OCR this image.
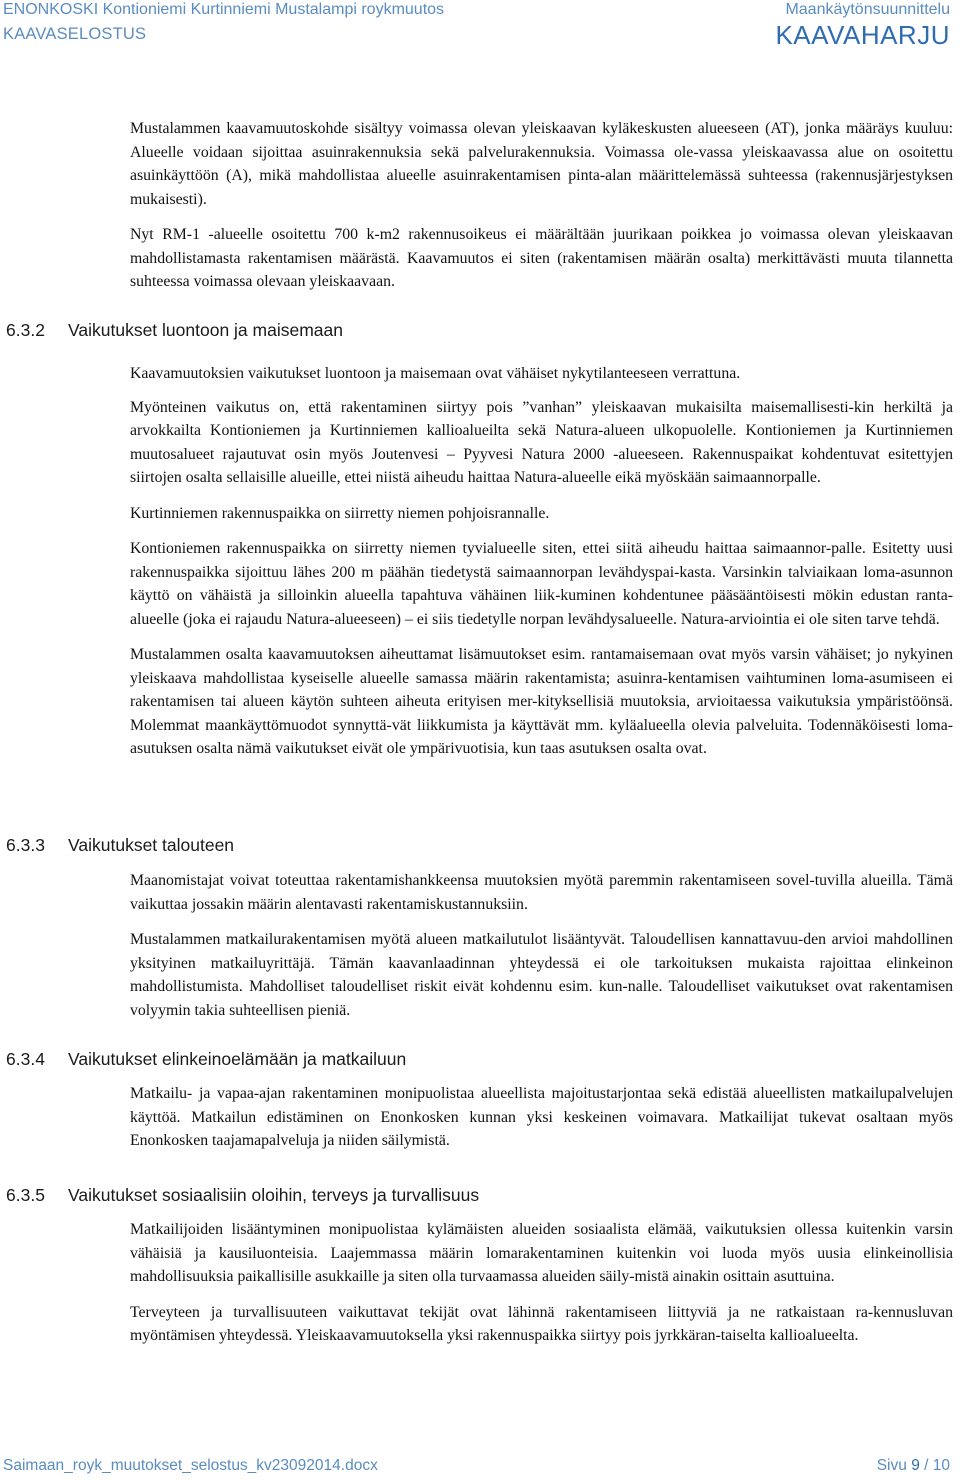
ENONKOSKI Kontioniemi Kurtinniemi Mustalampi roykmuutos
KAAVASELOSTUS
Maankäytönsuunnittelu
KAAVAHARJU

Mustalammen kaavamuutoskohde sisältyy voimassa olevan yleiskaavan kyläkeskusten alueeseen (AT), jonka määräys kuuluu: Alueelle voidaan sijoittaa asuinrakennuksia sekä palvelurakennuksia. Voimassa ole-vassa yleiskaavassa alue on osoitettu asuinkäyttöön (A), mikä mahdollistaa alueelle asuinrakentamisen pinta-alan määrittelemässä suhteessa (rakennusjärjestyksen mukaisesti).

Nyt RM-1 -alueelle osoitettu 700 k-m2 rakennusoikeus ei määrältään juurikaan poikkea jo voimassa olevan yleiskaavan mahdollistamasta rakentamisen määrästä. Kaavamuutos ei siten (rakentamisen määrän osalta) merkittävästi muuta tilannetta suhteessa voimassa olevaan yleiskaavaan.

6.3.2 Vaikutukset luontoon ja maisemaan

Kaavamuutoksien vaikutukset luontoon ja maisemaan ovat vähäiset nykytilanteeseen verrattuna.

Myönteinen vaikutus on, että rakentaminen siirtyy pois ”vanhan” yleiskaavan mukaisilta maisemallisesti-kin herkiltä ja arvokkailta Kontioniemen ja Kurtinniemen kallioalueilta sekä Natura-alueen ulkopuolelle. Kontioniemen ja Kurtinniemen muutosalueet rajautuvat osin myös Joutenvesi – Pyyvesi Natura 2000 -alueeseen. Rakennuspaikat kohdentuvat esitettyjen siirtojen osalta sellaisille alueille, ettei niistä aiheudu haittaa Natura-alueelle eikä myöskään saimaannorpalle.

Kurtinniemen rakennuspaikka on siirretty niemen pohjoisrannalle.

Kontioniemen rakennuspaikka on siirretty niemen tyvialueelle siten, ettei siitä aiheudu haittaa saimaannor-palle. Esitetty uusi rakennuspaikka sijoittuu lähes 200 m päähän tiedetystä saimaannorpan levähdyspai-kasta. Varsinkin talviaikaan loma-asunnon käyttö on vähäistä ja silloinkin alueella tapahtuva vähäinen liik-kuminen kohdentunee pääsääntöisesti mökin edustan ranta-alueelle (joka ei rajaudu Natura-alueeseen) – ei siis tiedetylle norpan levähdysalueelle. Natura-arviointia ei ole siten tarve tehdä.

Mustalammen osalta kaavamuutoksen aiheuttamat lisämuutokset esim. rantamaisemaan ovat myös varsin vähäiset; jo nykyinen yleiskaava mahdollistaa kyseiselle alueelle samassa määrin rakentamista; asuinra-kentamisen vaihtuminen loma-asumiseen ei rakentamisen tai alueen käytön suhteen aiheuta erityisen mer-kityksellisiä muutoksia, arvioitaessa vaikutuksia ympäristöönsä. Molemmat maankäyttömuodot synnyttä-vät liikkumista ja käyttävät mm. kyläalueella olevia palveluita. Todennäköisesti loma-asutuksen osalta nämä vaikutukset eivät ole ympärivuotisia, kun taas asutuksen osalta ovat.

6.3.3 Vaikutukset talouteen

Maanomistajat voivat toteuttaa rakentamishankkeensa muutoksien myötä paremmin rakentamiseen sovel-tuvilla alueilla. Tämä vaikuttaa jossakin määrin alentavasti rakentamiskustannuksiin.

Mustalammen matkailurakentamisen myötä alueen matkailutulot lisääntyvät. Taloudellisen kannattavuu-den arvioi mahdollinen yksityinen matkailuyrittäjä. Tämän kaavanlaadinnan yhteydessä ei ole tarkoituksen mukaista rajoittaa elinkeinon mahdollistumista. Mahdolliset taloudelliset riskit eivät kohdennu esim. kun-nalle. Taloudelliset vaikutukset ovat rakentamisen volyymin takia suhteellisen pieniä.

6.3.4 Vaikutukset elinkeinoelämään ja matkailuun

Matkailu- ja vapaa-ajan rakentaminen monipuolistaa alueellista majoitustarjontaa sekä edistää alueellisten matkailupalvelujen käyttöä. Matkailun edistäminen on Enonkosken kunnan yksi keskeinen voimavara. Matkailijat tukevat osaltaan myös Enonkosken taajamapalveluja ja niiden säilymistä.

6.3.5 Vaikutukset sosiaalisiin oloihin, terveys ja turvallisuus

Matkailijoiden lisääntyminen monipuolistaa kylämäisten alueiden sosiaalista elämää, vaikutuksien ollessa kuitenkin varsin vähäisiä ja kausiluonteisia. Laajemmassa määrin lomarakentaminen kuitenkin voi luoda myös uusia elinkeinollisia mahdollisuuksia paikallisille asukkaille ja siten olla turvaamassa alueiden säily-mistä ainakin osittain asuttuina.

Terveyteen ja turvallisuuteen vaikuttavat tekijät ovat lähinnä rakentamiseen liittyviä ja ne ratkaistaan ra-kennusluvan myöntämisen yhteydessä. Yleiskaavamuutoksella yksi rakennuspaikka siirtyy pois jyrkkäran-taiselta kallioalueelta.

Saimaan_royk_muutokset_selostus_kv23092014.docx	Sivu 9 / 10
